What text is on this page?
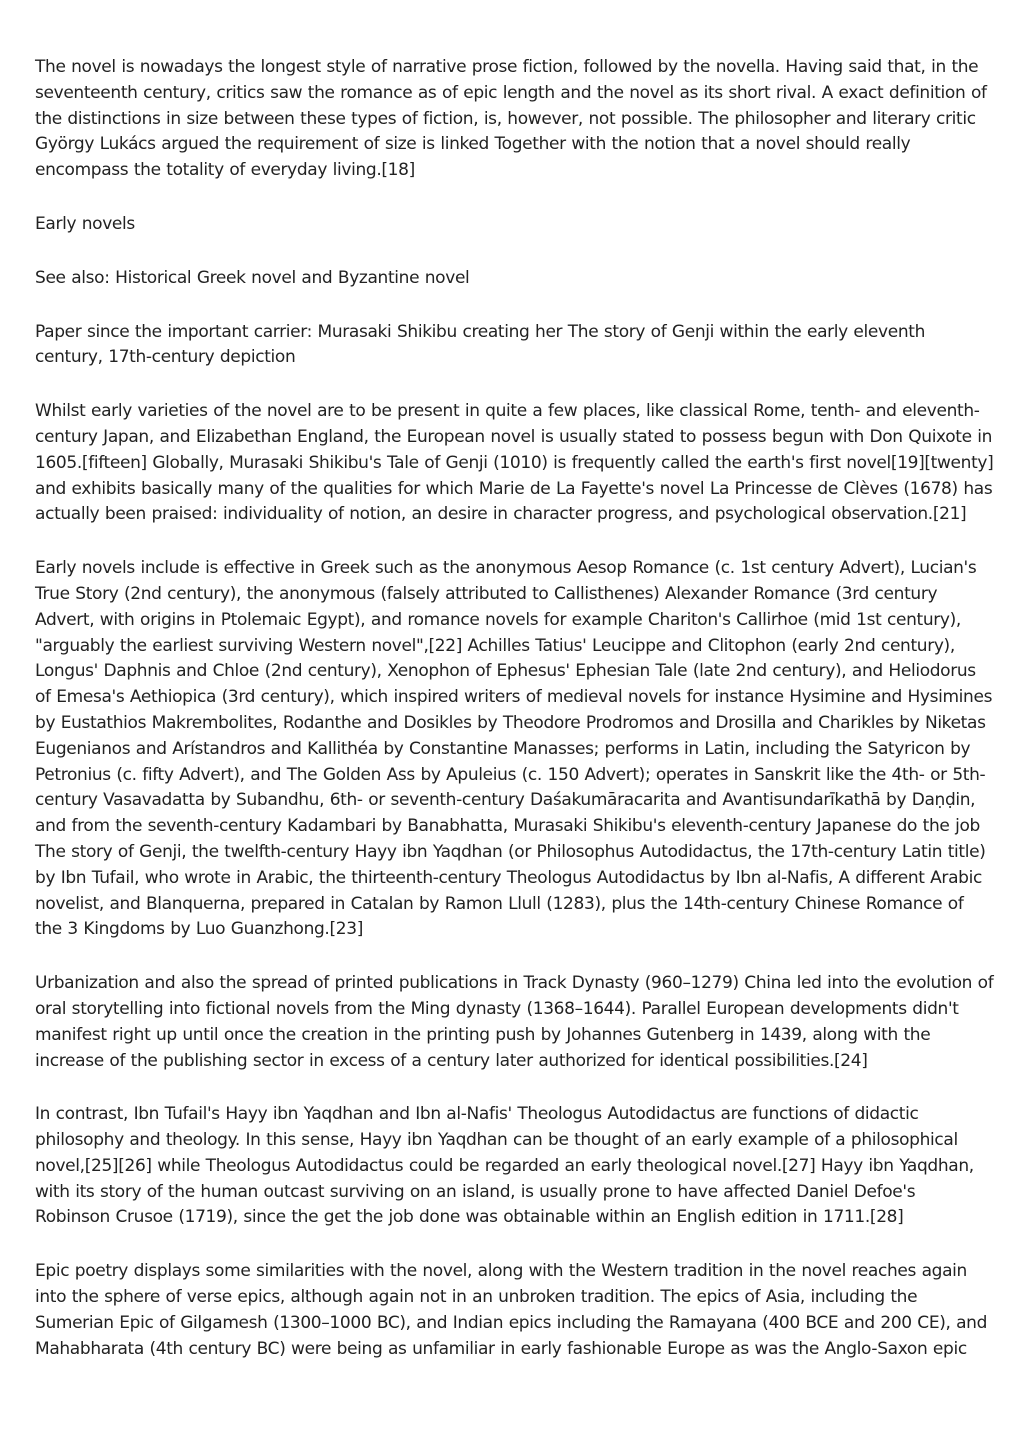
The novel is nowadays the longest style of narrative prose fiction, followed by the novella. Having said that, in the seventeenth century, critics saw the romance as of epic length and the novel as its short rival. A exact definition of the distinctions in size between these types of fiction, is, however, not possible. The philosopher and literary critic György Lukács argued the requirement of size is linked Together with the notion that a novel should really encompass the totality of everyday living.[18]

Early novels

See also: Historical Greek novel and Byzantine novel

Paper since the important carrier: Murasaki Shikibu creating her The story of Genji within the early eleventh century, 17th-century depiction

Whilst early varieties of the novel are to be present in quite a few places, like classical Rome, tenth- and eleventh-century Japan, and Elizabethan England, the European novel is usually stated to possess begun with Don Quixote in 1605.[fifteen] Globally, Murasaki Shikibu's Tale of Genji (1010) is frequently called the earth's first novel[19][twenty] and exhibits basically many of the qualities for which Marie de La Fayette's novel La Princesse de Clèves (1678) has actually been praised: individuality of notion, an desire in character progress, and psychological observation.[21]

Early novels include is effective in Greek such as the anonymous Aesop Romance (c. 1st century Advert), Lucian's True Story (2nd century), the anonymous (falsely attributed to Callisthenes) Alexander Romance (3rd century Advert, with origins in Ptolemaic Egypt), and romance novels for example Chariton's Callirhoe (mid 1st century), "arguably the earliest surviving Western novel",[22] Achilles Tatius' Leucippe and Clitophon (early 2nd century), Longus' Daphnis and Chloe (2nd century), Xenophon of Ephesus' Ephesian Tale (late 2nd century), and Heliodorus of Emesa's Aethiopica (3rd century), which inspired writers of medieval novels for instance Hysimine and Hysimines by Eustathios Makrembolites, Rodanthe and Dosikles by Theodore Prodromos and Drosilla and Charikles by Niketas Eugenianos and Arístandros and Kallithéa by Constantine Manasses; performs in Latin, including the Satyricon by Petronius (c. fifty Advert), and The Golden Ass by Apuleius (c. 150 Advert); operates in Sanskrit like the 4th- or 5th- century Vasavadatta by Subandhu, 6th- or seventh-century Daśakumāracarita and Avantisundarīkathā by Daṇḍin, and from the seventh-century Kadambari by Banabhatta, Murasaki Shikibu's eleventh-century Japanese do the job The story of Genji, the twelfth-century Hayy ibn Yaqdhan (or Philosophus Autodidactus, the 17th-century Latin title) by Ibn Tufail, who wrote in Arabic, the thirteenth-century Theologus Autodidactus by Ibn al-Nafis, A different Arabic novelist, and Blanquerna, prepared in Catalan by Ramon Llull (1283), plus the 14th-century Chinese Romance of the 3 Kingdoms by Luo Guanzhong.[23]

Urbanization and also the spread of printed publications in Track Dynasty (960–1279) China led into the evolution of oral storytelling into fictional novels from the Ming dynasty (1368–1644). Parallel European developments didn't manifest right up until once the creation in the printing push by Johannes Gutenberg in 1439, along with the increase of the publishing sector in excess of a century later authorized for identical possibilities.[24]

In contrast, Ibn Tufail's Hayy ibn Yaqdhan and Ibn al-Nafis' Theologus Autodidactus are functions of didactic philosophy and theology. In this sense, Hayy ibn Yaqdhan can be thought of an early example of a philosophical novel,[25][26] while Theologus Autodidactus could be regarded an early theological novel.[27] Hayy ibn Yaqdhan, with its story of the human outcast surviving on an island, is usually prone to have affected Daniel Defoe's Robinson Crusoe (1719), since the get the job done was obtainable within an English edition in 1711.[28]

Epic poetry displays some similarities with the novel, along with the Western tradition in the novel reaches again into the sphere of verse epics, although again not in an unbroken tradition. The epics of Asia, including the Sumerian Epic of Gilgamesh (1300–1000 BC), and Indian epics including the Ramayana (400 BCE and 200 CE), and Mahabharata (4th century BC) were being as unfamiliar in early fashionable Europe as was the Anglo-Saxon epic
